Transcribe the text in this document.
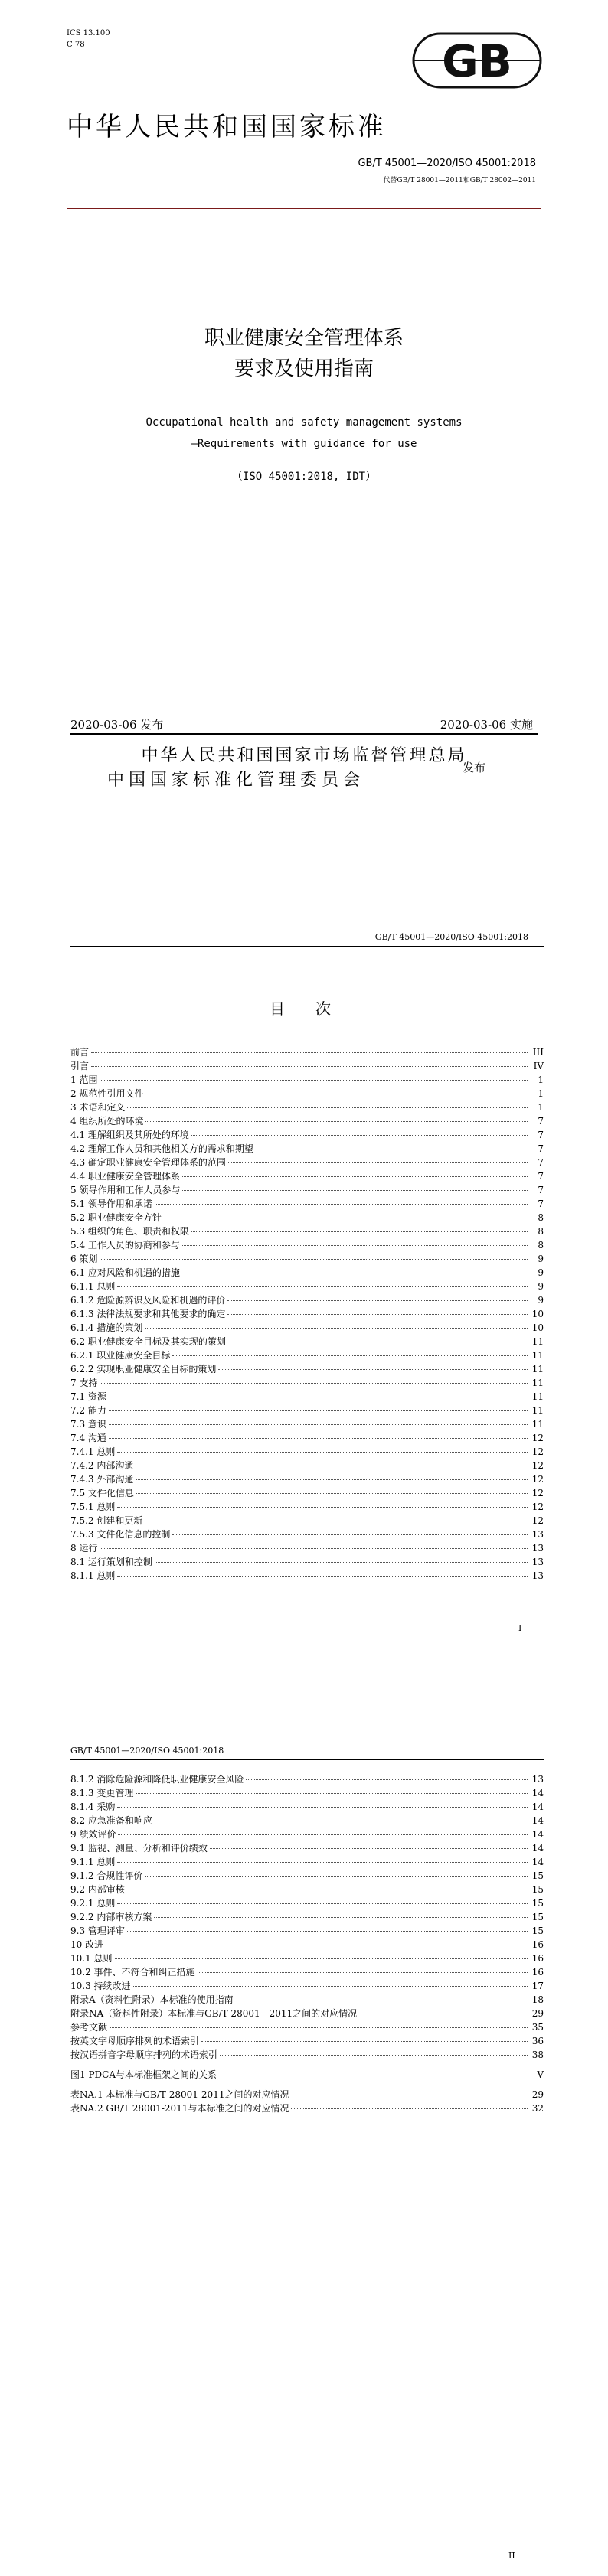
ICS 13.100
C 78	GB
中华人民共和国国家标准
GB/T 45001—2020/ISO 45001:2018
代替GB/T 28001—2011和GB/T 28002—2011
职业健康安全管理体系
要求及使用指南
Occupational health and safety management systems
—Requirements with guidance for use
（ISO 45001:2018, IDT）
2020-03-06 发布	2020-03-06 实施
中华人民共和国国家市场监督管理总局
中国国家标准化管理委员会
发布
GB/T 45001—2020/ISO 45001:2018
目　次
前言	III
引言	IV
1 范围	1
2 规范性引用文件	1
3 术语和定义	1
4 组织所处的环境	7
4.1 理解组织及其所处的环境	7
4.2 理解工作人员和其他相关方的需求和期望	7
4.3 确定职业健康安全管理体系的范围	7
4.4 职业健康安全管理体系	7
5 领导作用和工作人员参与	7
5.1 领导作用和承诺	7
5.2 职业健康安全方针	8
5.3 组织的角色、职责和权限	8
5.4 工作人员的协商和参与	8
6 策划	9
6.1 应对风险和机遇的措施	9
6.1.1 总则	9
6.1.2 危险源辨识及风险和机遇的评价	9
6.1.3 法律法规要求和其他要求的确定	10
6.1.4 措施的策划	10
6.2 职业健康安全目标及其实现的策划	11
6.2.1 职业健康安全目标	11
6.2.2 实现职业健康安全目标的策划	11
7 支持	11
7.1 资源	11
7.2 能力	11
7.3 意识	11
7.4 沟通	12
7.4.1 总则	12
7.4.2 内部沟通	12
7.4.3 外部沟通	12
7.5 文件化信息	12
7.5.1 总则	12
7.5.2 创建和更新	12
7.5.3 文件化信息的控制	13
8 运行	13
8.1 运行策划和控制	13
8.1.1 总则	13
I
GB/T 45001—2020/ISO 45001:2018
8.1.2 消除危险源和降低职业健康安全风险	13
8.1.3 变更管理	14
8.1.4 采购	14
8.2 应急准备和响应	14
9 绩效评价	14
9.1 监视、测量、分析和评价绩效	14
9.1.1 总则	14
9.1.2 合规性评价	15
9.2 内部审核	15
9.2.1 总则	15
9.2.2 内部审核方案	15
9.3 管理评审	15
10 改进	16
10.1 总则	16
10.2 事件、不符合和纠正措施	16
10.3 持续改进	17
附录A（资料性附录）本标准的使用指南	18
附录NA（资料性附录）本标准与GB/T 28001—2011之间的对应情况	29
参考文献	35
按英文字母顺序排列的术语索引	36
按汉语拼音字母顺序排列的术语索引	38
图1 PDCA与本标准框架之间的关系	V
表NA.1 本标准与GB/T 28001-2011之间的对应情况	29
表NA.2 GB/T 28001-2011与本标准之间的对应情况	32
II
